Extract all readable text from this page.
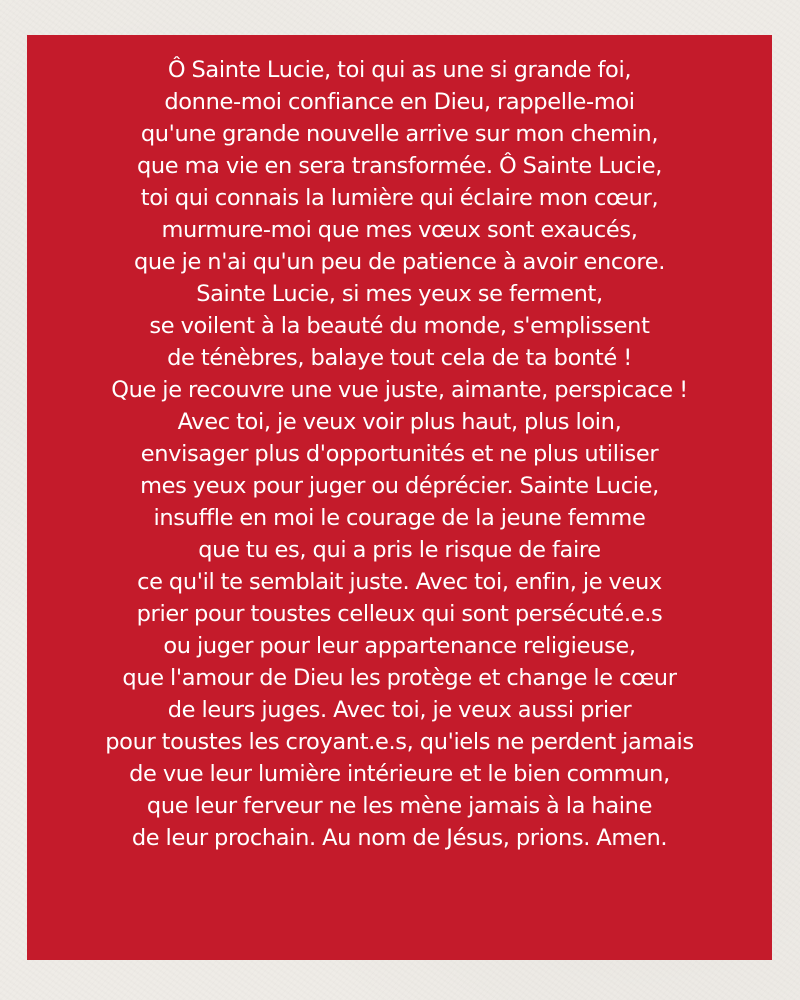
Ô Sainte Lucie, toi qui as une si grande foi,
donne-moi confiance en Dieu, rappelle-moi
qu'une grande nouvelle arrive sur mon chemin,
que ma vie en sera transformée. Ô Sainte Lucie,
toi qui connais la lumière qui éclaire mon cœur,
murmure-moi que mes vœux sont exaucés,
que je n'ai qu'un peu de patience à avoir encore.
Sainte Lucie, si mes yeux se ferment,
se voilent à la beauté du monde, s'emplissent
de ténèbres, balaye tout cela de ta bonté !
Que je recouvre une vue juste, aimante, perspicace !
Avec toi, je veux voir plus haut, plus loin,
envisager plus d'opportunités et ne plus utiliser
mes yeux pour juger ou déprécier. Sainte Lucie,
insuffle en moi le courage de la jeune femme
que tu es, qui a pris le risque de faire
ce qu'il te semblait juste. Avec toi, enfin, je veux
prier pour toustes celleux qui sont persécuté.e.s
ou juger pour leur appartenance religieuse,
que l'amour de Dieu les protège et change le cœur
de leurs juges. Avec toi, je veux aussi prier
pour toustes les croyant.e.s, qu'iels ne perdent jamais
de vue leur lumière intérieure et le bien commun,
que leur ferveur ne les mène jamais à la haine
de leur prochain. Au nom de Jésus, prions. Amen.
